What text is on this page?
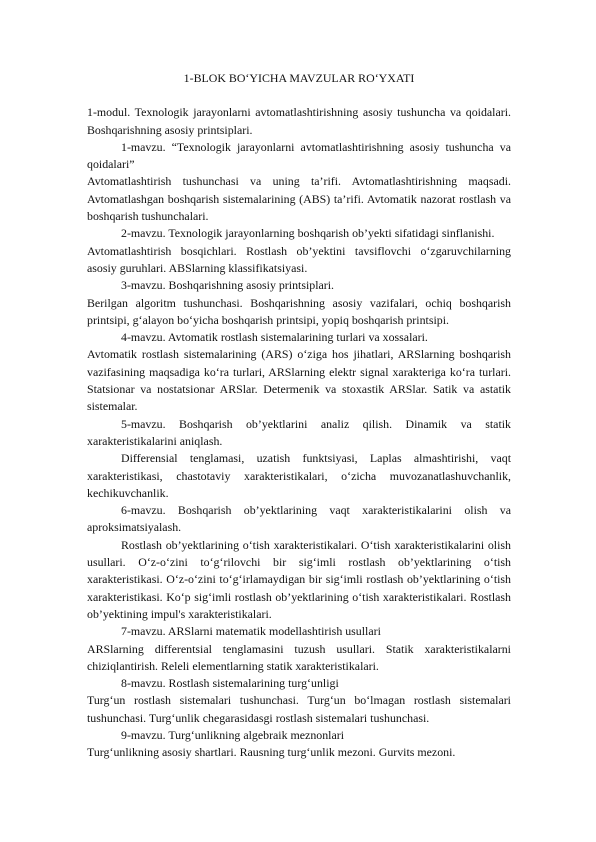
1-BLOK BO‘YICHA MAVZULAR RO‘YXATI

1-modul. Texnologik jarayonlarni avtomatlashtirishning asosiy tushuncha va qoidalari. Boshqarishning asosiy printsiplari.

1-mavzu. “Texnologik jarayonlarni avtomatlashtirishning asosiy tushuncha va qoidalari”

Avtomatlashtirish tushunchasi va uning ta’rifi. Avtomatlashtirishning maqsadi. Avtomatlashgan boshqarish sistemalarining (ABS) ta’rifi. Avtomatik nazorat rostlash va boshqarish tushunchalari.

2-mavzu. Texnologik jarayonlarning boshqarish ob’yekti sifatidagi sinflanishi.

Avtomatlashtirish bosqichlari. Rostlash ob’yektini tavsiflovchi o‘zgaruvchilarning asosiy guruhlari. ABSlarning klassifikatsiyasi.

3-mavzu. Boshqarishning asosiy printsiplari.

Berilgan algoritm tushunchasi. Boshqarishning asosiy vazifalari, ochiq boshqarish printsipi, g‘alayon bo‘yicha boshqarish printsipi, yopiq boshqarish printsipi.

4-mavzu. Avtomatik rostlash sistemalarining turlari va xossalari.

Avtomatik rostlash sistemalarining (ARS) o‘ziga hos jihatlari, ARSlarning boshqarish vazifasining maqsadiga ko‘ra turlari, ARSlarning elektr signal xarakteriga ko‘ra turlari. Statsionar va nostatsionar ARSlar. Determenik va stoxastik ARSlar. Satik va astatik sistemalar.

5-mavzu. Boshqarish ob’yektlarini analiz qilish. Dinamik va statik xarakteristikalarini aniqlash.

Differensial tenglamasi, uzatish funktsiyasi, Laplas almashtirishi, vaqt xarakteristikasi, chastotaviy xarakteristikalari, o‘zicha muvozanatlashuvchanlik, kechikuvchanlik.

6-mavzu. Boshqarish ob’yektlarining vaqt xarakteristikalarini olish va aproksimatsiyalash.

Rostlash ob’yektlarining o‘tish xarakteristikalari. O‘tish xarakteristikalarini olish usullari. O‘z-o‘zini to‘g‘rilovchi bir sig‘imli rostlash ob’yektlarining o‘tish xarakteristikasi. O‘z-o‘zini to‘g‘irlamaydigan bir sig‘imli rostlash ob’yektlarining o‘tish xarakteristikasi. Ko‘p sig‘imli rostlash ob’yektlarining o‘tish xarakteristikalari. Rostlash ob’yektining impul's xarakteristikalari.

7-mavzu. ARSlarni matematik modellashtirish usullari

ARSlarning differentsial tenglamasini tuzush usullari. Statik xarakteristikalarni chiziqlantirish. Releli elementlarning statik xarakteristikalari.

8-mavzu. Rostlash sistemalarining turg‘unligi

Turg‘un rostlash sistemalari tushunchasi. Turg‘un bo‘lmagan rostlash sistemalari tushunchasi. Turg‘unlik chegarasidasgi rostlash sistemalari tushunchasi.

9-mavzu. Turg‘unlikning algebraik meznonlari

Turg‘unlikning asosiy shartlari. Rausning turg‘unlik mezoni. Gurvits mezoni.
